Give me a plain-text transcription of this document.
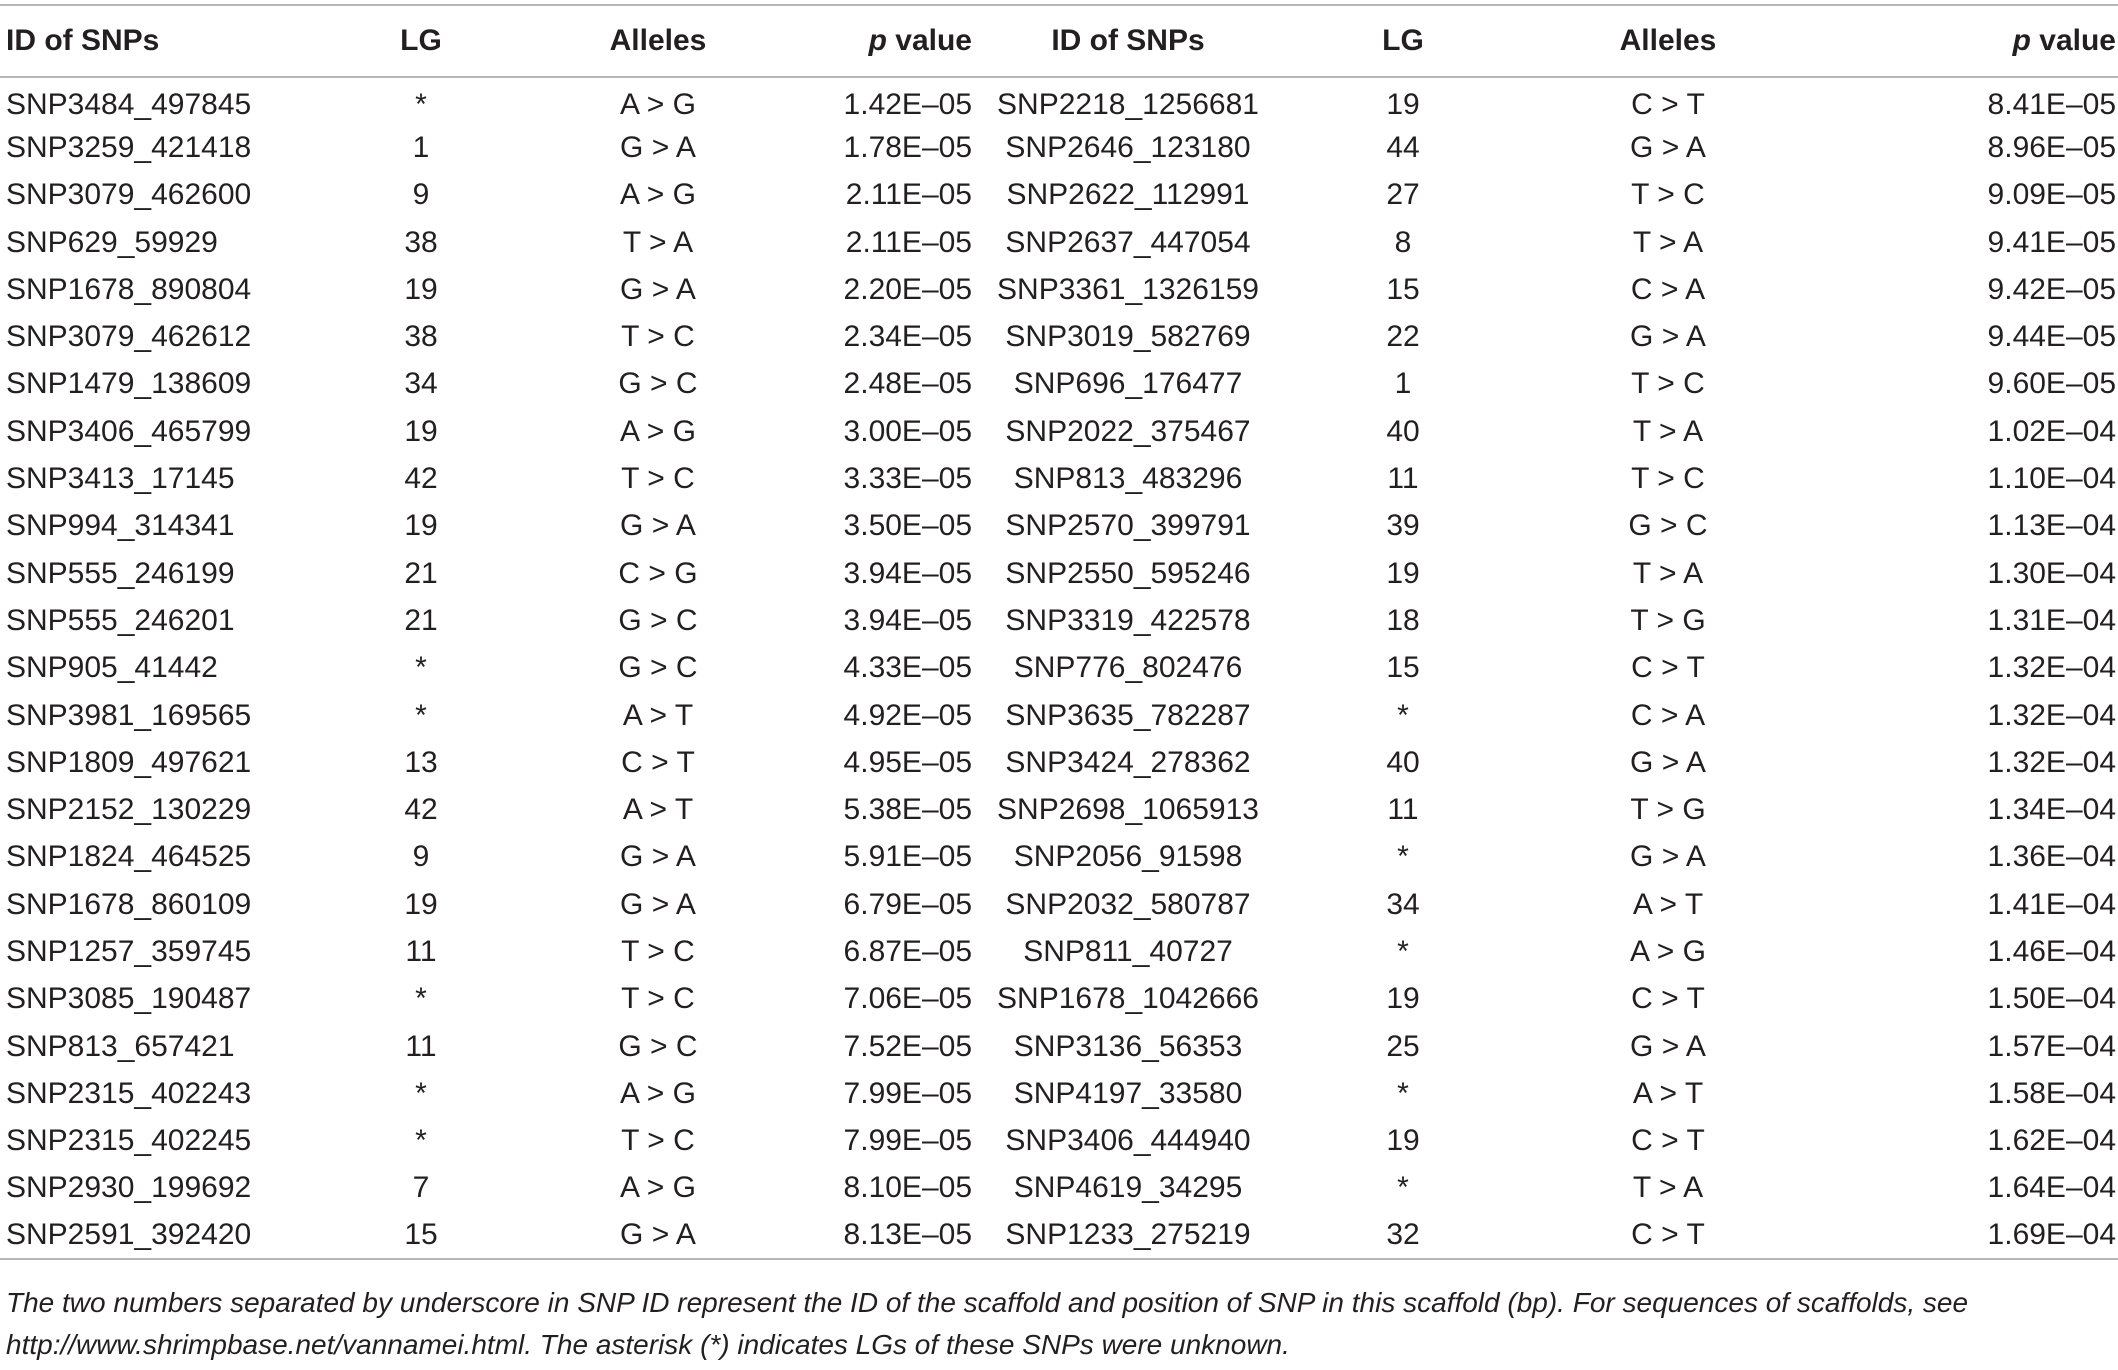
ID of SNPs	LG	Alleles	p value	ID of SNPs	LG	Alleles	p value
SNP3484_497845	*	A > G	1.42E–05	SNP2218_1256681	19	C > T	8.41E–05
SNP3259_421418	1	G > A	1.78E–05	SNP2646_123180	44	G > A	8.96E–05
SNP3079_462600	9	A > G	2.11E–05	SNP2622_112991	27	T > C	9.09E–05
SNP629_59929	38	T > A	2.11E–05	SNP2637_447054	8	T > A	9.41E–05
SNP1678_890804	19	G > A	2.20E–05	SNP3361_1326159	15	C > A	9.42E–05
SNP3079_462612	38	T > C	2.34E–05	SNP3019_582769	22	G > A	9.44E–05
SNP1479_138609	34	G > C	2.48E–05	SNP696_176477	1	T > C	9.60E–05
SNP3406_465799	19	A > G	3.00E–05	SNP2022_375467	40	T > A	1.02E–04
SNP3413_17145	42	T > C	3.33E–05	SNP813_483296	11	T > C	1.10E–04
SNP994_314341	19	G > A	3.50E–05	SNP2570_399791	39	G > C	1.13E–04
SNP555_246199	21	C > G	3.94E–05	SNP2550_595246	19	T > A	1.30E–04
SNP555_246201	21	G > C	3.94E–05	SNP3319_422578	18	T > G	1.31E–04
SNP905_41442	*	G > C	4.33E–05	SNP776_802476	15	C > T	1.32E–04
SNP3981_169565	*	A > T	4.92E–05	SNP3635_782287	*	C > A	1.32E–04
SNP1809_497621	13	C > T	4.95E–05	SNP3424_278362	40	G > A	1.32E–04
SNP2152_130229	42	A > T	5.38E–05	SNP2698_1065913	11	T > G	1.34E–04
SNP1824_464525	9	G > A	5.91E–05	SNP2056_91598	*	G > A	1.36E–04
SNP1678_860109	19	G > A	6.79E–05	SNP2032_580787	34	A > T	1.41E–04
SNP1257_359745	11	T > C	6.87E–05	SNP811_40727	*	A > G	1.46E–04
SNP3085_190487	*	T > C	7.06E–05	SNP1678_1042666	19	C > T	1.50E–04
SNP813_657421	11	G > C	7.52E–05	SNP3136_56353	25	G > A	1.57E–04
SNP2315_402243	*	A > G	7.99E–05	SNP4197_33580	*	A > T	1.58E–04
SNP2315_402245	*	T > C	7.99E–05	SNP3406_444940	19	C > T	1.62E–04
SNP2930_199692	7	A > G	8.10E–05	SNP4619_34295	*	T > A	1.64E–04
SNP2591_392420	15	G > A	8.13E–05	SNP1233_275219	32	C > T	1.69E–04
The two numbers separated by underscore in SNP ID represent the ID of the scaffold and position of SNP in this scaffold (bp). For sequences of scaffolds, see http://www.shrimpbase.net/vannamei.html. The asterisk (*) indicates LGs of these SNPs were unknown.
